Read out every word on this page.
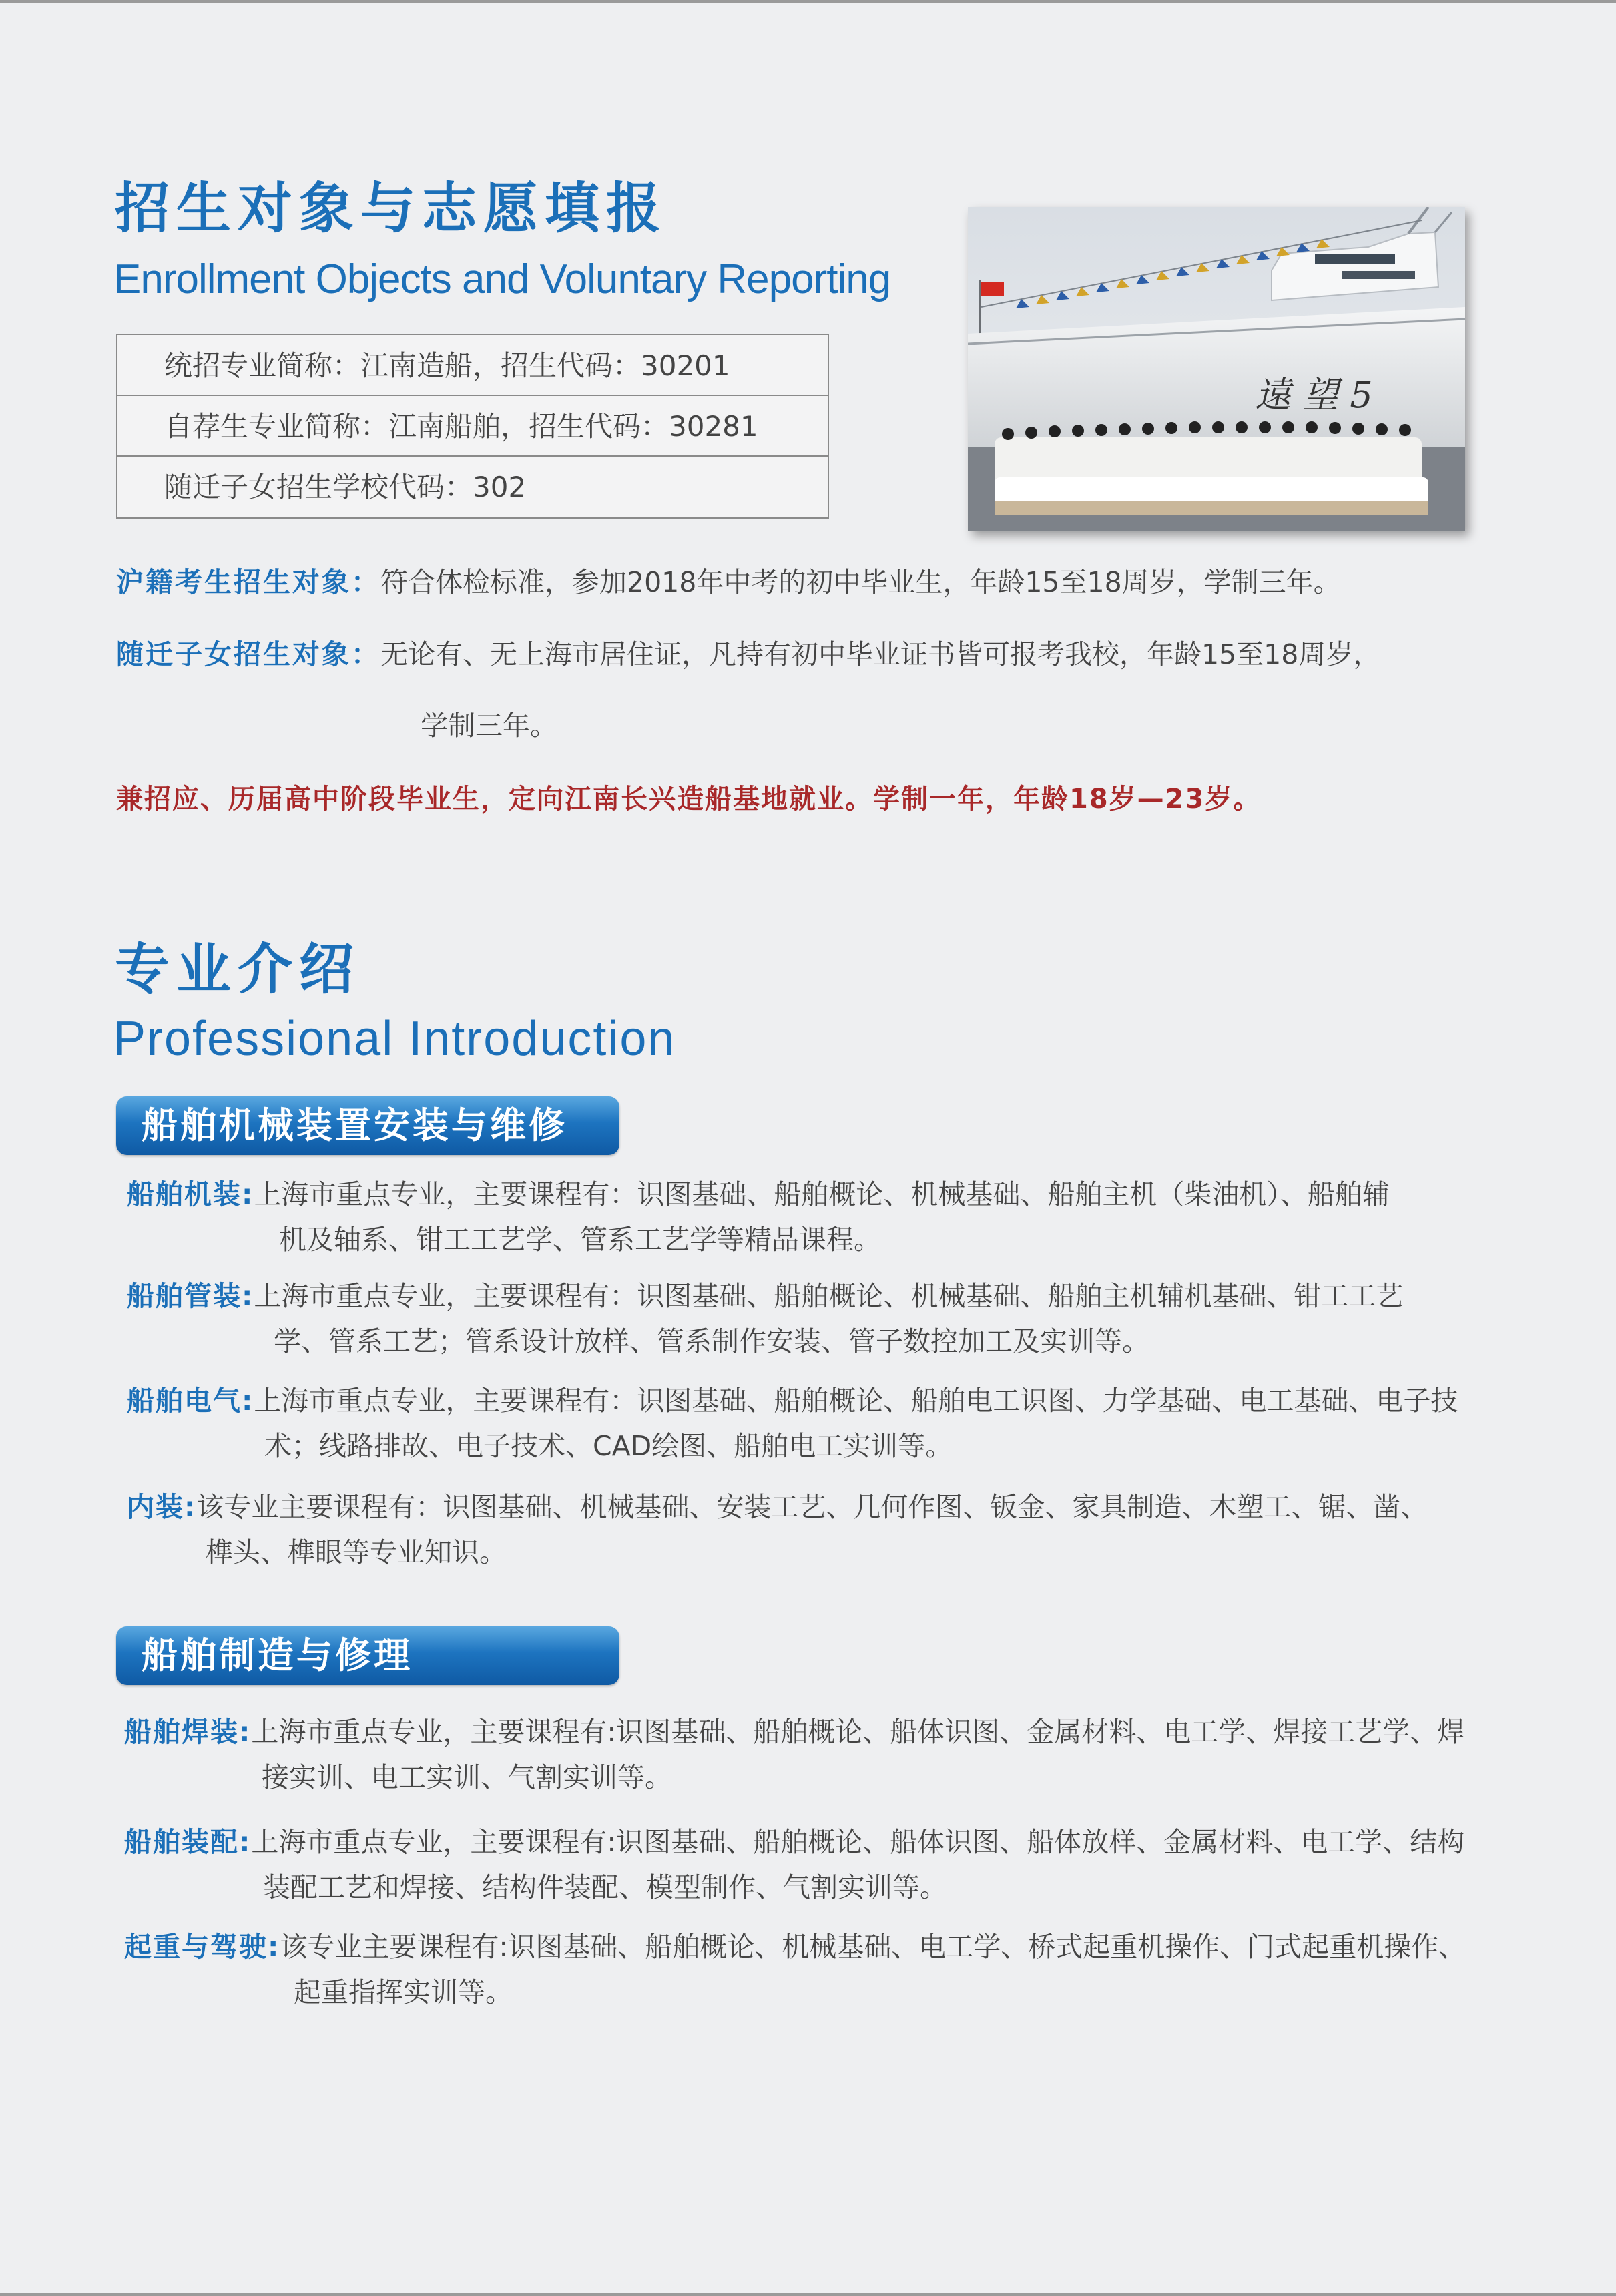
招生对象与志愿填报
Enrollment Objects and Voluntary Reporting
统招专业简称：江南造船，招生代码：30201
自荐生专业简称：江南船舶，招生代码：30281
随迁子女招生学校代码：302
遠 望 5
沪籍考生招生对象：符合体检标准，参加2018年中考的初中毕业生，年龄15至18周岁，学制三年。
随迁子女招生对象：无论有、无上海市居住证，凡持有初中毕业证书皆可报考我校，年龄15至18周岁，
学制三年。
兼招应、历届高中阶段毕业生，定向江南长兴造船基地就业。学制一年，年龄18岁—23岁。
专业介绍
Professional Introduction
船舶机械装置安装与维修
船舶机装:上海市重点专业，主要课程有：识图基础、船舶概论、机械基础、船舶主机（柴油机）、船舶辅
机及轴系、钳工工艺学、管系工艺学等精品课程。
船舶管装:上海市重点专业，主要课程有：识图基础、船舶概论、机械基础、船舶主机辅机基础、钳工工艺
学、管系工艺；管系设计放样、管系制作安装、管子数控加工及实训等。
船舶电气:上海市重点专业，主要课程有：识图基础、船舶概论、船舶电工识图、力学基础、电工基础、电子技
术；线路排故、电子技术、CAD绘图、船舶电工实训等。
内装:该专业主要课程有：识图基础、机械基础、安装工艺、几何作图、钣金、家具制造、木塑工、锯、凿、
榫头、榫眼等专业知识。
船舶制造与修理
船舶焊装:上海市重点专业，主要课程有:识图基础、船舶概论、船体识图、金属材料、电工学、焊接工艺学、焊
接实训、电工实训、气割实训等。
船舶装配:上海市重点专业，主要课程有:识图基础、船舶概论、船体识图、船体放样、金属材料、电工学、结构
装配工艺和焊接、结构件装配、模型制作、气割实训等。
起重与驾驶:该专业主要课程有:识图基础、船舶概论、机械基础、电工学、桥式起重机操作、门式起重机操作、
起重指挥实训等。
